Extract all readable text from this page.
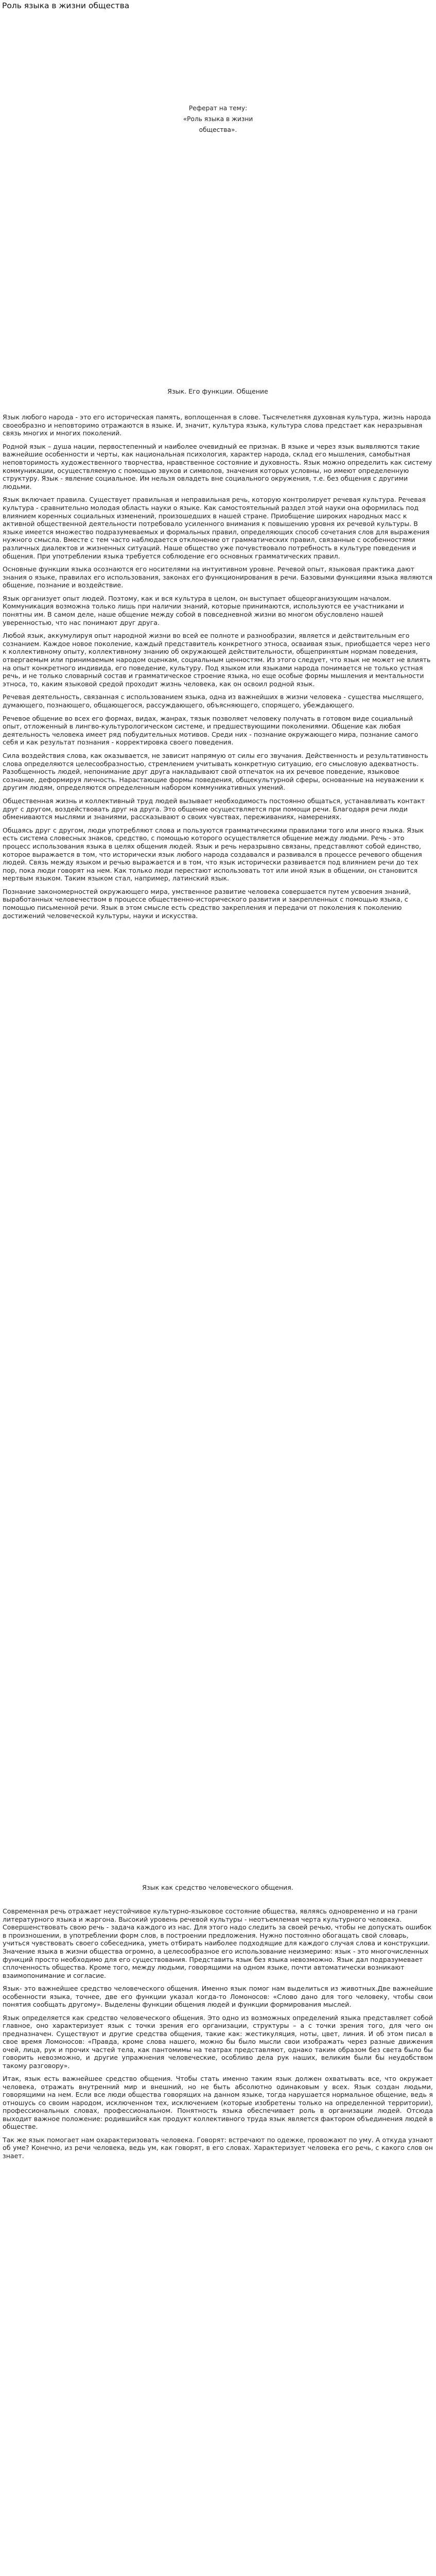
Роль языка в жизни общества

Реферат на тему:

«Роль языка в жизни

общества».

Язык. Его функции. Общение

Язык любого народа - это его историческая память, воплощенная в слове. Тысячелетняя духовная культура, жизнь народа своеобразно и неповторимо отражаются в языке. И, значит, культура языка, культура слова предстает как неразрывная связь многих и многих поколений.

Родной язык – душа нации, первостепенный и наиболее очевидный ее признак. В языке и через язык выявляются такие важнейшие особенности и черты, как национальная психология, характер народа, склад его мышления, самобытная неповторимость художественного творчества, нравственное состояние и духовность. Язык можно определить как систему коммуникации, осуществляемую с помощью звуков и символов, значения которых условны, но имеют определенную структуру. Язык - явление социальное. Им нельзя овладеть вне социального окружения, т.е. без общения с другими людьми.

Язык включает правила. Существует правильная и неправильная речь, которую контролирует речевая культура. Речевая культура - сравнительно молодая область науки о языке. Как самостоятельный раздел этой науки она оформилась под влиянием коренных социальных изменений, произошедших в нашей стране. Приобщение широких народных масс к активной общественной деятельности потребовало усиленного внимания к повышению уровня их речевой культуры. В языке имеется множество подразумеваемых и формальных правил, определяющих способ сочетания слов для выражения нужного смысла. Вместе с тем часто наблюдается отклонение от грамматических правил, связанные с особенностями различных диалектов и жизненных ситуаций. Наше общество уже почувствовало потребность в культуре поведения и общения. При употреблении языка требуется соблюдение его основных грамматических правил.

Основные функции языка осознаются его носителями на интуитивном уровне. Речевой опыт, языковая практика дают знания о языке, правилах его использования, законах его функционирования в речи. Базовыми функциями языка являются общение, познание и воздействие.

Язык организует опыт людей. Поэтому, как и вся культура в целом, он выступает общеорганизующим началом. Коммуникация возможна только лишь при наличии знаний, которые принимаются, используются ее участниками и понятны им. В самом деле, наше общение между собой в повседневной жизни во многом обусловлено нашей уверенностью, что нас понимают друг друга.

Любой язык, аккумулируя опыт народной жизни во всей ее полноте и разнообразии, является и действительным его сознанием. Каждое новое поколение, каждый представитель конкретного этноса, осваивая язык, приобщается через него к коллективному опыту, коллективному знанию об окружающей действительности, общепринятым нормам поведения, отвергаемым или принимаемым народом оценкам, социальным ценностям. Из этого следует, что язык не может не влиять на опыт конкретного индивида, его поведение, культуру. Под языком или языками народа понимается не только устная речь, и не только словарный состав и грамматическое строение языка, но еще особые формы мышления и ментальности этноса, то, каким языковой средой проходит жизнь человека, как он освоил родной язык.

Речевая деятельность, связанная с использованием языка, одна из важнейших в жизни человека - существа мыслящего, думающего, познающего, общающегося, рассуждающего, объясняющего, спорящего, убеждающего.

Речевое общение во всех его формах, видах, жанрах, тязык позволяет человеку получать в готовом виде социальный опыт, отложенный в лингво-культурологическом системе, и предшествующими поколениями. Общение как любая деятельность человека имеет ряд побудительных мотивов. Среди них - познание окружающего мира, познание самого себя и как результат познания - корректировка своего поведения.

Сила воздействия слова, как оказывается, не зависит напрямую от силы его звучания. Действенность и результативность слова определяются целесообразностью, стремлением учитывать конкретную ситуацию, его смысловую адекватность. Разобщенность людей, непонимание друг друга накладывают свой отпечаток на их речевое поведение, языковое сознание, деформируя личность. Нарастающие формы поведения, общекультурной сферы, основанные на неуважении к другим людям, определяются определенным набором коммуникативных умений.

Общественная жизнь и коллективный труд людей вызывает необходимость постоянно общаться, устанавливать контакт друг с другом, воздействовать друг на друга. Это общение осуществляется при помощи речи. Благодаря речи люди обмениваются мыслями и знаниями, рассказывают о своих чувствах, переживаниях, намерениях.

Общаясь друг с другом, люди употребляют слова и пользуются грамматическими правилами того или иного языка. Язык есть система словесных знаков, средство, с помощью которого осуществляется общение между людьми. Речь - это процесс использования языка в целях общения людей. Язык и речь неразрывно связаны, представляют собой единство, которое выражается в том, что исторически язык любого народа создавался и развивался в процессе речевого общения людей. Связь между языком и речью выражается и в том, что язык исторически развивается под влиянием речи до тех пор, пока люди говорят на нем. Как только люди перестают использовать тот или иной язык в общении, он становится мертвым языком. Таким языком стал, например, латинский язык.

Познание закономерностей окружающего мира, умственное развитие человека совершается путем усвоения знаний, выработанных человечеством в процессе общественно-исторического развития и закрепленных с помощью языка, с помощью письменной речи. Язык в этом смысле есть средство закрепления и передачи от поколения к поколению достижений человеческой культуры, науки и искусства.

Язык как средство человеческого общения.

Современная речь отражает неустойчивое культурно-языковое состояние общества, являясь одновременно и на грани литературного языка и жаргона. Высокий уровень речевой культуры - неотъемлемая черта культурного человека. Совершенствовать свою речь - задача каждого из нас. Для этого надо следить за своей речью, чтобы не допускать ошибок в произношении, в употреблении форм слов, в построении предложения. Нужно постоянно обогащать свой словарь, учиться чувствовать своего собеседника, уметь отбирать наиболее подходящие для каждого случая слова и конструкции. Значение языка в жизни общества огромно, а целесообразное его использование неизмеримо: язык - это многочисленных функций просто необходимо для его существования. Представить язык без языка невозможно. Язык дал подразумевает сплоченность общества. Кроме того, между людьми, говорящими на одном языке, почти автоматически возникают взаимопонимание и согласие.

Язык- это важнейшее средство человеческого общения. Именно язык помог нам выделиться из животных.Две важнейшие особенности языка, точнее, две его функции указал когда-то Ломоносов: «Слово дано для того человеку, чтобы свои понятия сообщать другому». Выделены функции общения людей и функции формирования мыслей.

Язык определяется как средство человеческого общения. Это одно из возможных определений языка представляет собой главное, оно характеризует язык с точки зрения его организации, структуры – а с точки зрения того, для чего он предназначен. Существуют и другие средства общения, такие как: жестикуляция, ноты, цвет, линия. И об этом писал в свое время Ломоносов: «Правда, кроме слова нашего, можно бы было мысли свои изображать через разные движения очей, лица, рук и прочих частей тела, как пантомимы на театрах представляют, однако таким образом без света было бы говорить невозможно, и другие упражнения человеческие, особливо дела рук наших, великим были бы неудобством такому разговору».

Итак, язык есть важнейшее средство общения. Чтобы стать именно таким язык должен охватывать все, что окружает человека, отражать внутренний мир и внешний, но не быть абсолютно одинаковым у всех. Язык создан людьми, говорящими на нем. Если все люди общества говорящих на данном языке, тогда нарушается нормальное общение, ведь я отношусь со своим народом, исключенном тех, исключением (которые изобретены только на определенной территории), профессиональных словах, профессиональном. Понятность языка обеспечивает роль в организации людей. Отсюда выходит важное положение: родившийся как продукт коллективного труда язык является фактором объединения людей в обществе.

Так же язык помогает нам охарактеризовать человека. Говорят: встречают по одежке, провожают по уму. А откуда узнают об уме? Конечно, из речи человека, ведь ум, как говорят, в его словах. Характеризует человека его речь, с какого слов он знает.
